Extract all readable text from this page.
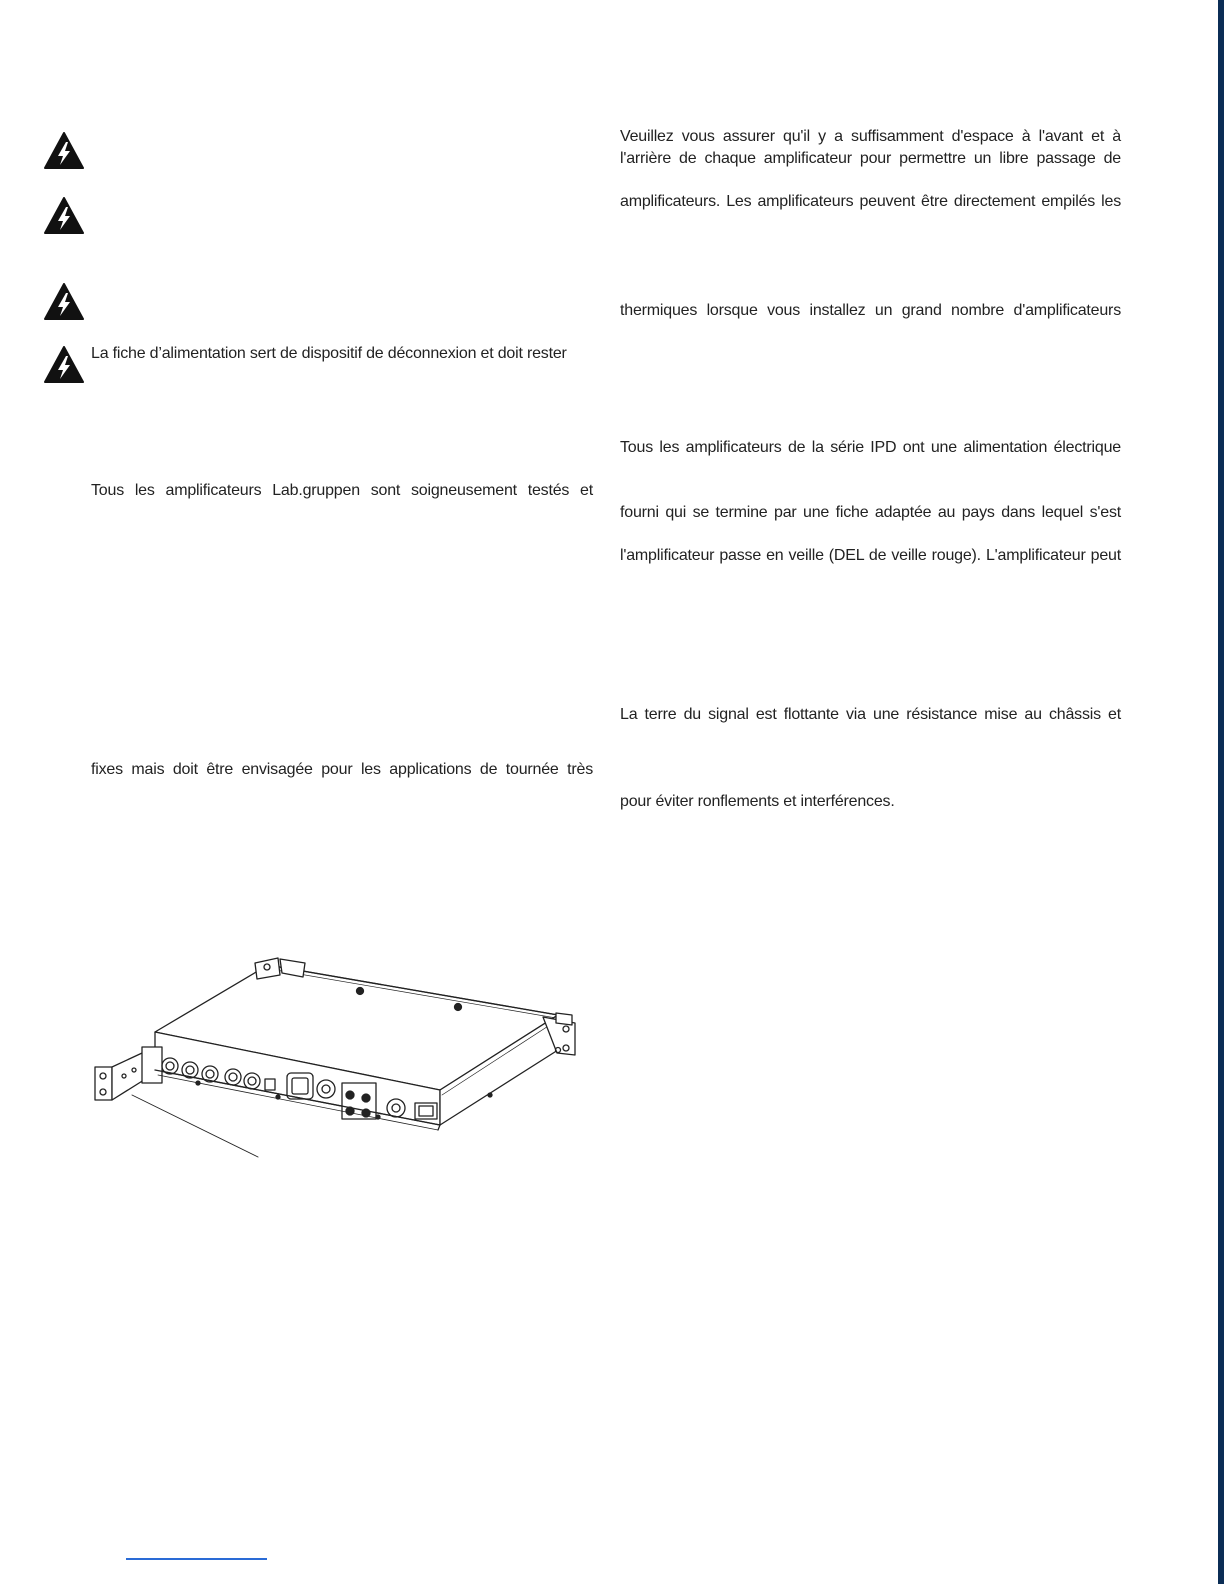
La fiche d’alimentation sert de dispositif de déconnexion et doit rester
Tous les amplificateurs Lab.gruppen sont soigneusement testés et
fixes mais doit être envisagée pour les applications de tournée très
Veuillez vous assurer qu'il y a suffisamment d'espace à l'avant et à
l'arrière de chaque amplificateur pour permettre un libre passage de
amplificateurs. Les amplificateurs peuvent être directement empilés les
thermiques lorsque vous installez un grand nombre d'amplificateurs
Tous les amplificateurs de la série IPD ont une alimentation électrique
fourni qui se termine par une fiche adaptée au pays dans lequel s'est
l'amplificateur passe en veille (DEL de veille rouge). L'amplificateur peut
La terre du signal est flottante via une résistance mise au châssis et
pour éviter ronflements et interférences.
